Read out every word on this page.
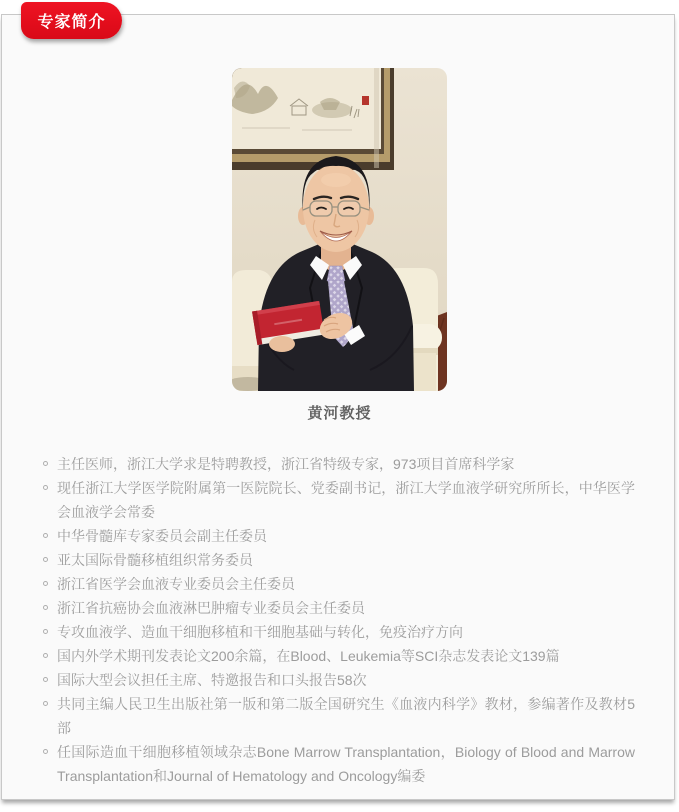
专家简介
黄河教授
主任医师，浙江大学求是特聘教授，浙江省特级专家，973项目首席科学家
现任浙江大学医学院附属第一医院院长、党委副书记，浙江大学血液学研究所所长，中华医学会血液学会常委
中华骨髓库专家委员会副主任委员
亚太国际骨髓移植组织常务委员
浙江省医学会血液专业委员会主任委员
浙江省抗癌协会血液淋巴肿瘤专业委员会主任委员
专攻血液学、造血干细胞移植和干细胞基础与转化，免疫治疗方向
国内外学术期刊发表论文200余篇，在Blood、Leukemia等SCI杂志发表论文139篇
国际大型会议担任主席、特邀报告和口头报告58次
共同主编人民卫生出版社第一版和第二版全国研究生《血液内科学》教材，参编著作及教材5部
任国际造血干细胞移植领域杂志Bone Marrow Transplantation，Biology of Blood and Marrow Transplantation和Journal of Hematology and Oncology编委
